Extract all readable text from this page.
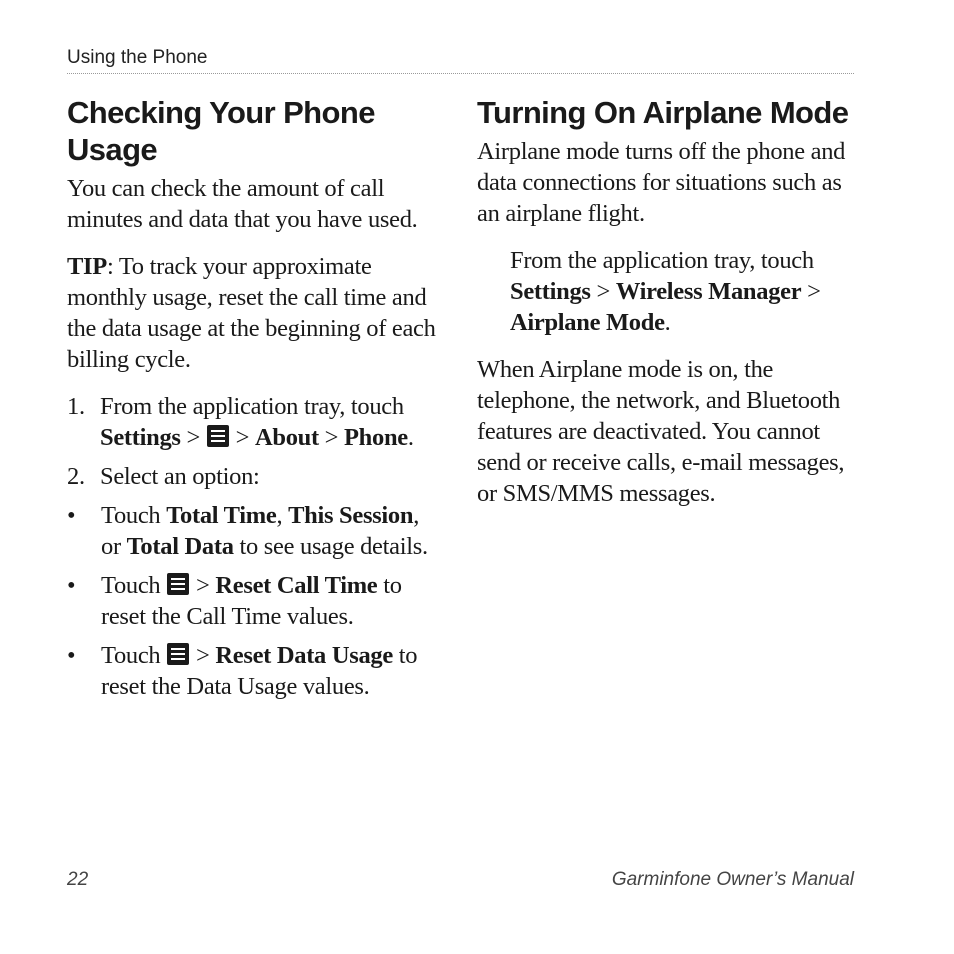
Using the Phone
Checking Your Phone Usage

You can check the amount of call minutes and data that you have used.

TIP: To track your approximate monthly usage, reset the call time and the data usage at the beginning of each billing cycle.

1. From the application tray, touch Settings >  > About > Phone.
2. Select an option:
• Touch Total Time, This Session, or Total Data to see usage details.
• Touch  > Reset Call Time to reset the Call Time values.
• Touch  > Reset Data Usage to reset the Data Usage values.
Turning On Airplane Mode

Airplane mode turns off the phone and data connections for situations such as an airplane flight.

From the application tray, touch Settings > Wireless Manager > Airplane Mode.

When Airplane mode is on, the telephone, the network, and Bluetooth features are deactivated. You cannot send or receive calls, e-mail messages, or SMS/MMS messages.

22	Garminfone Owner’s Manual
